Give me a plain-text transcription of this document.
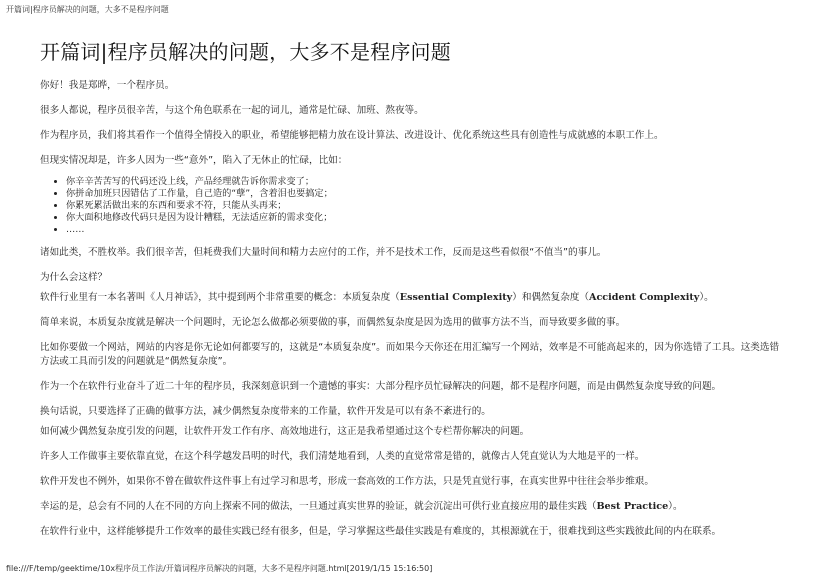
开篇词|程序员解决的问题，大多不是程序问题
开篇词|程序员解决的问题，大多不是程序问题

你好！我是郑晔，一个程序员。

很多人都说，程序员很辛苦，与这个角色联系在一起的词儿，通常是忙碌、加班、熬夜等。

作为程序员，我们将其看作一个值得全情投入的职业，希望能够把精力放在设计算法、改进设计、优化系统这些具有创造性与成就感的本职工作上。

但现实情况却是，许多人因为一些“意外”，陷入了无休止的忙碌，比如：

• 你辛辛苦苦写的代码还没上线，产品经理就告诉你需求变了；
• 你拼命加班只因错估了工作量，自己造的“孽”，含着泪也要搞定；
• 你累死累活做出来的东西和要求不符，只能从头再来；
• 你大面积地修改代码只是因为设计糟糕，无法适应新的需求变化；
• ……

诸如此类，不胜枚举。我们很辛苦，但耗费我们大量时间和精力去应付的工作，并不是技术工作，反而是这些看似很“不值当”的事儿。

为什么会这样？

软件行业里有一本名著叫《人月神话》，其中提到两个非常重要的概念：本质复杂度（Essential Complexity）和偶然复杂度（Accident Complexity）。

简单来说，本质复杂度就是解决一个问题时，无论怎么做都必须要做的事，而偶然复杂度是因为选用的做事方法不当，而导致要多做的事。

比如你要做一个网站，网站的内容是你无论如何都要写的，这就是“本质复杂度”。而如果今天你还在用汇编写一个网站，效率是不可能高起来的，因为你选错了工具。这类选错方法或工具而引发的问题就是“偶然复杂度”。

作为一个在软件行业奋斗了近二十年的程序员，我深刻意识到一个遗憾的事实：大部分程序员忙碌解决的问题，都不是程序问题，而是由偶然复杂度导致的问题。

换句话说，只要选择了正确的做事方法，减少偶然复杂度带来的工作量，软件开发是可以有条不紊进行的。

如何减少偶然复杂度引发的问题，让软件开发工作有序、高效地进行，这正是我希望通过这个专栏帮你解决的问题。

许多人工作做事主要依靠直觉，在这个科学越发昌明的时代，我们清楚地看到，人类的直觉常常是错的，就像古人凭直觉认为大地是平的一样。

软件开发也不例外，如果你不曾在做软件这件事上有过学习和思考，形成一套高效的工作方法，只是凭直觉行事，在真实世界中往往会举步维艰。

幸运的是，总会有不同的人在不同的方向上探索不同的做法，一旦通过真实世界的验证，就会沉淀出可供行业直接应用的最佳实践（Best Practice）。

在软件行业中，这样能够提升工作效率的最佳实践已经有很多，但是，学习掌握这些最佳实践是有难度的，其根源就在于，很难找到这些实践彼此间的内在联系。

file:///F/temp/geektime/10x程序员工作法/开篇词程序员解决的问题，大多不是程序问题.html[2019/1/15 15:16:50]
